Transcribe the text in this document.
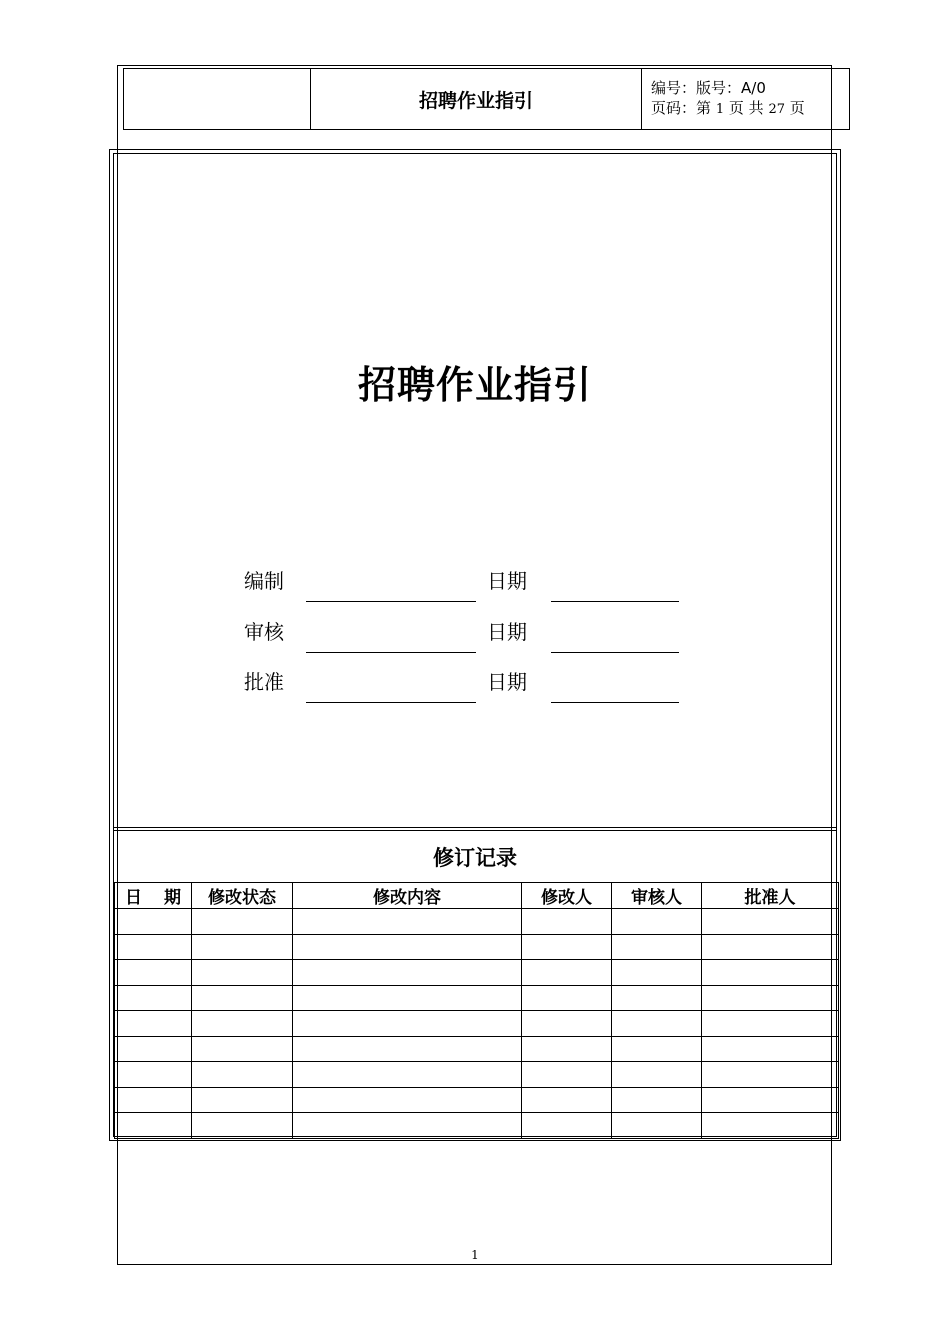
	招聘作业指引	
编号：版号：A/0
页码：第 1 页 共 27 页
招聘作业指引
编制	日期
审核	日期
批准	日期
修订记录
日期	修改状态	修改内容	修改人	审核人	批准人

1
